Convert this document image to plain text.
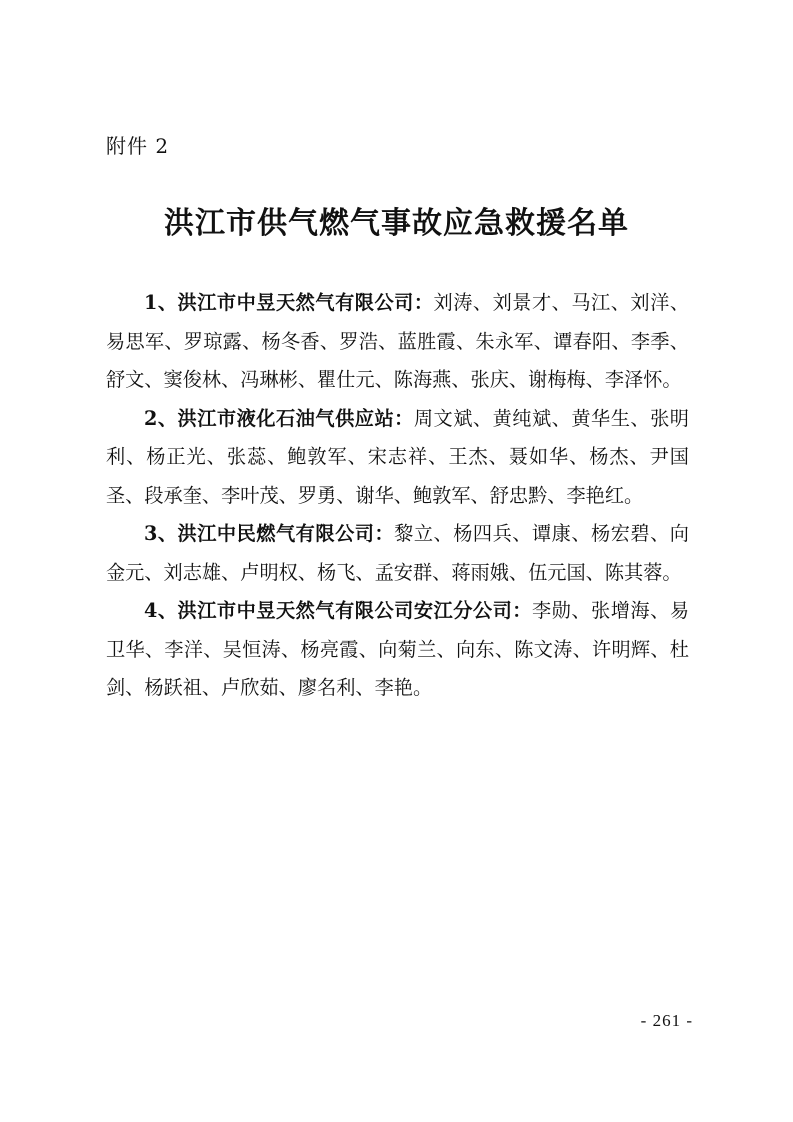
附件 2
洪江市供气燃气事故应急救援名单

1、洪江市中昱天然气有限公司：刘涛、刘景才、马江、刘洋、易思军、罗琼露、杨冬香、罗浩、蓝胜霞、朱永军、谭春阳、李季、舒文、窦俊林、冯琳彬、瞿仕元、陈海燕、张庆、谢梅梅、李泽怀。

2、洪江市液化石油气供应站：周文斌、黄纯斌、黄华生、张明利、杨正光、张蕊、鲍敦军、宋志祥、王杰、聂如华、杨杰、尹国圣、段承奎、李叶茂、罗勇、谢华、鲍敦军、舒忠黔、李艳红。

3、洪江中民燃气有限公司：黎立、杨四兵、谭康、杨宏碧、向金元、刘志雄、卢明权、杨飞、孟安群、蒋雨娥、伍元国、陈其蓉。

4、洪江市中昱天然气有限公司安江分公司：李勋、张增海、易卫华、李洋、吴恒涛、杨亮霞、向菊兰、向东、陈文涛、许明辉、杜剑、杨跃祖、卢欣茹、廖名利、李艳。

- 261 -
